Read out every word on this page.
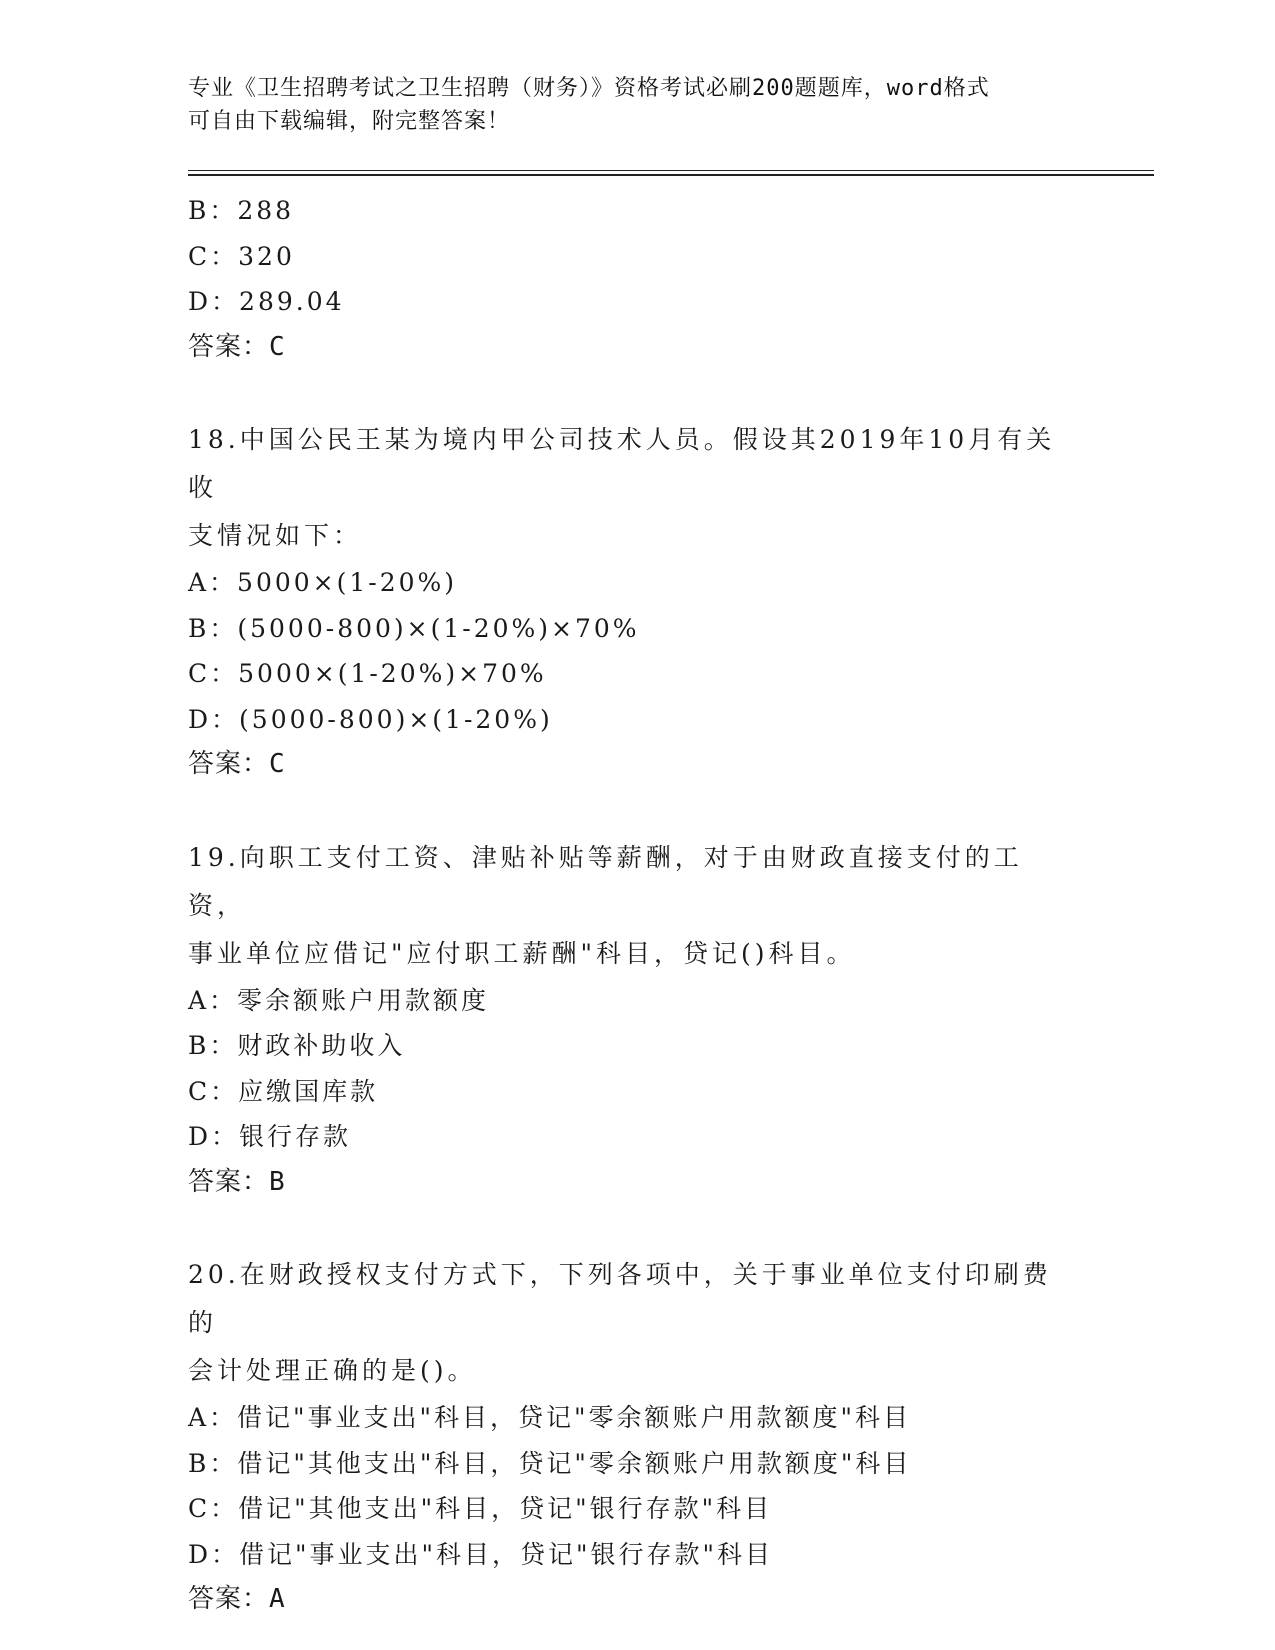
专业《卫生招聘考试之卫生招聘（财务）》资格考试必刷200题题库，word格式
可自由下载编辑，附完整答案！
B：288
C：320
D：289.04
答案：C
18.中国公民王某为境内甲公司技术人员。假设其2019年10月有关收
支情况如下：
A：5000×(1-20%)
B：(5000-800)×(1-20%)×70%
C：5000×(1-20%)×70%
D：(5000-800)×(1-20%)
答案：C
19.向职工支付工资、津贴补贴等薪酬，对于由财政直接支付的工资，
事业单位应借记"应付职工薪酬"科目，贷记()科目。
A：零余额账户用款额度
B：财政补助收入
C：应缴国库款
D：银行存款
答案：B
20.在财政授权支付方式下，下列各项中，关于事业单位支付印刷费的
会计处理正确的是()。
A：借记"事业支出"科目，贷记"零余额账户用款额度"科目
B：借记"其他支出"科目，贷记"零余额账户用款额度"科目
C：借记"其他支出"科目，贷记"银行存款"科目
D：借记"事业支出"科目，贷记"银行存款"科目
答案：A
